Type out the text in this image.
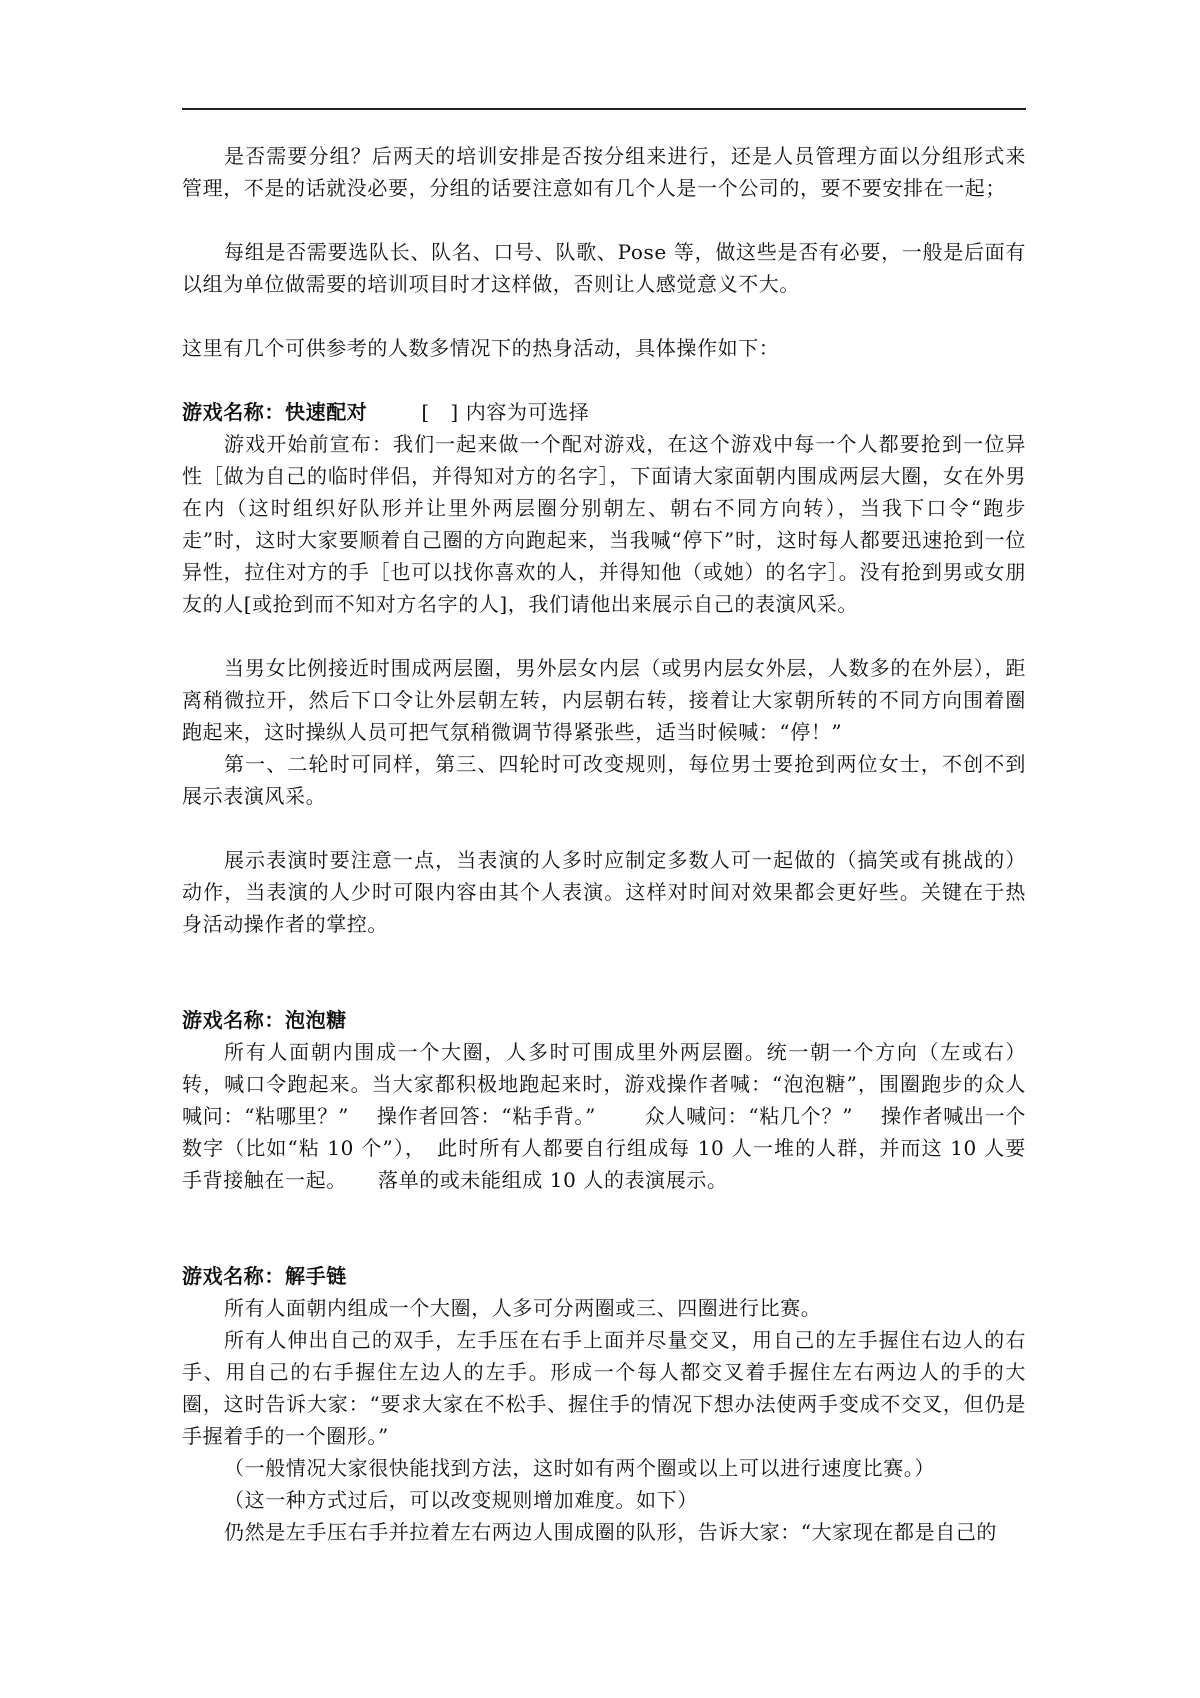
是否需要分组？后两天的培训安排是否按分组来进行，还是人员管理方面以分组形式来管理，不是的话就没必要，分组的话要注意如有几个人是一个公司的，要不要安排在一起；

每组是否需要选队长、队名、口号、队歌、Pose 等，做这些是否有必要，一般是后面有以组为单位做需要的培训项目时才这样做，否则让人感觉意义不大。

这里有几个可供参考的人数多情况下的热身活动，具体操作如下：

游戏名称：快速配对	[　] 内容为可选择

游戏开始前宣布：我们一起来做一个配对游戏，在这个游戏中每一个人都要抢到一位异性［做为自己的临时伴侣，并得知对方的名字］，下面请大家面朝内围成两层大圈，女在外男在内（这时组织好队形并让里外两层圈分别朝左、朝右不同方向转），当我下口令“跑步走”时，这时大家要顺着自己圈的方向跑起来，当我喊“停下”时，这时每人都要迅速抢到一位异性，拉住对方的手［也可以找你喜欢的人，并得知他（或她）的名字］。没有抢到男或女朋友的人[或抢到而不知对方名字的人]，我们请他出来展示自己的表演风采。

当男女比例接近时围成两层圈，男外层女内层（或男内层女外层，人数多的在外层），距离稍微拉开，然后下口令让外层朝左转，内层朝右转，接着让大家朝所转的不同方向围着圈跑起来，这时操纵人员可把气氛稍微调节得紧张些，适当时候喊：“停！”

第一、二轮时可同样，第三、四轮时可改变规则，每位男士要抢到两位女士，不创不到展示表演风采。

展示表演时要注意一点，当表演的人多时应制定多数人可一起做的（搞笑或有挑战的）动作，当表演的人少时可限内容由其个人表演。这样对时间对效果都会更好些。关键在于热身活动操作者的掌控。

游戏名称：泡泡糖

所有人面朝内围成一个大圈，人多时可围成里外两层圈。统一朝一个方向（左或右）转，喊口令跑起来。当大家都积极地跑起来时，游戏操作者喊：“泡泡糖”，围圈跑步的众人喊问：“粘哪里？”　 操作者回答：“粘手背。”　　 众人喊问：“粘几个？”　 操作者喊出一个数字（比如“粘 10 个”），　此时所有人都要自行组成每 10 人一堆的人群，并而这 10 人要手背接触在一起。　　落单的或未能组成 10 人的表演展示。

游戏名称：解手链

所有人面朝内组成一个大圈，人多可分两圈或三、四圈进行比赛。

所有人伸出自己的双手，左手压在右手上面并尽量交叉，用自己的左手握住右边人的右手、用自己的右手握住左边人的左手。形成一个每人都交叉着手握住左右两边人的手的大圈，这时告诉大家：“要求大家在不松手、握住手的情况下想办法使两手变成不交叉，但仍是手握着手的一个圈形。”

（一般情况大家很快能找到方法，这时如有两个圈或以上可以进行速度比赛。）

（这一种方式过后，可以改变规则增加难度。如下）

仍然是左手压右手并拉着左右两边人围成圈的队形，告诉大家：“大家现在都是自己的
